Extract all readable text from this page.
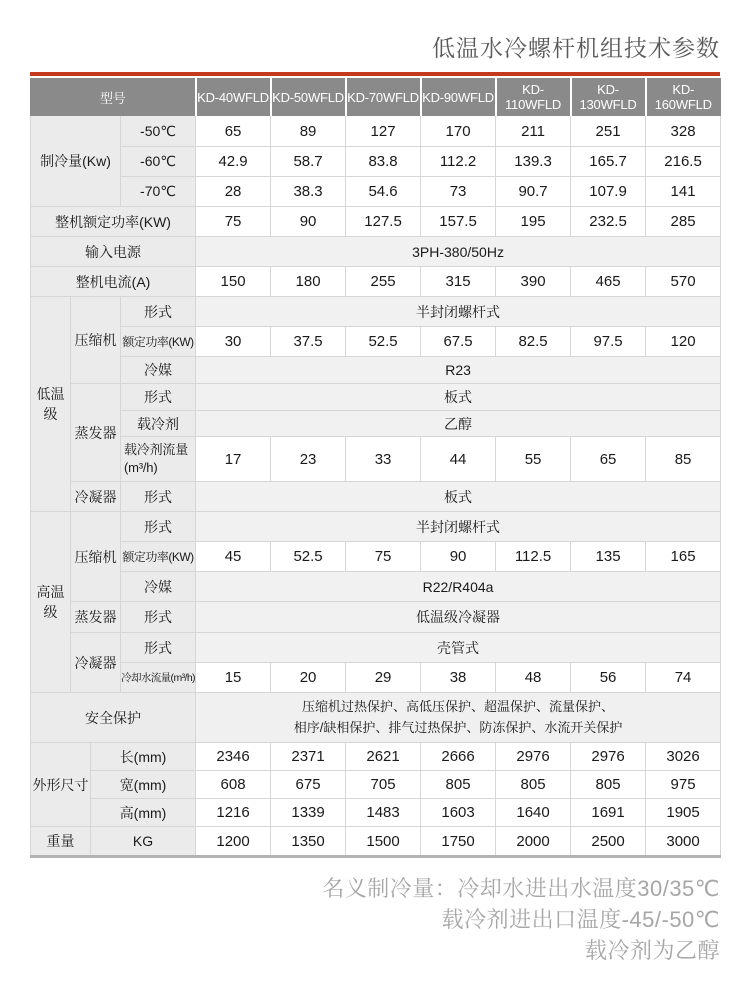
低温水冷螺杆机组技术参数
型号				KD-40WFLD	KD-50WFLD	KD-70WFLD	KD-90WFLD	KD-110WFLD	KD-130WFLD	KD-160WFLD
制冷量(Kw)			-50℃	65	89	127	170	211	251	328
			-60℃	42.9	58.7	83.8	112.2	139.3	165.7	216.5
			-70℃	28	38.3	54.6	73	90.7	107.9	141
整机额定功率(KW)				75	90	127.5	157.5	195	232.5	285
输入电源				3PH-380/50Hz						
整机电流(A)				150	180	255	315	390	465	570
低温级	压缩机		形式	半封闭螺杆式						
			额定功率(KW)	30	37.5	52.5	67.5	82.5	97.5	120
			冷媒	R23						
	蒸发器		形式	板式						
			载冷剂	乙醇						
			载冷剂流量(m³/h)	17	23	33	44	55	65	85
	冷凝器		形式	板式						
高温级	压缩机		形式	半封闭螺杆式						
			额定功率(KW)	45	52.5	75	90	112.5	135	165
			冷媒	R22/R404a						
	蒸发器		形式	低温级冷凝器						
	冷凝器		形式	壳管式						
			冷却水流量(m³/h)	15	20	29	38	48	56	74
安全保护				压缩机过热保护、高低压保护、超温保护、流量保护、
相序/缺相保护、排气过热保护、防冻保护、水流开关保护						
外形尺寸		长(mm)		2346	2371	2621	2666	2976	2976	3026
		宽(mm)		608	675	705	805	805	805	975
		高(mm)		1216	1339	1483	1603	1640	1691	1905
重量		KG		1200	1350	1500	1750	2000	2500	3000
名义制冷量：冷却水进出水温度30/35℃
载冷剂进出口温度-45/-50℃
载冷剂为乙醇
